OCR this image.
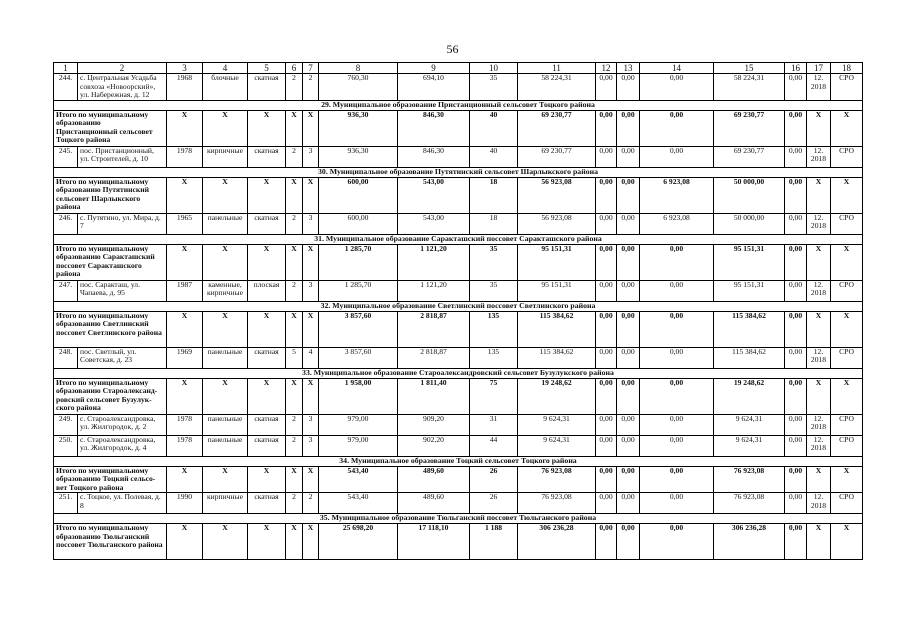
56
1	2	3	4	5	6	7	8	9	10	11	12	13	14	15	16	17	18
244.	с. Центральная Усадьба совхоза «Новоорский», ул. Набережная, д. 12	1968	блочные	скатная	2	2	760,30	694,10	35	58 224,31	0,00	0,00	0,00	58 224,31	0,00	12.
2018	СРО
29. Муниципальное образование Пристанционный сельсовет Тоцкого района																	
Итого по муниципальному образованию Пристанционный сельсовет Тоцкого района		X	X	X	X	X	936,30	846,30	40	69 230,77	0,00	0,00	0,00	69 230,77	0,00	X	X
245.	пос. Пристанционный, ул. Строителей, д. 10	1978	кирпичные	скатная	2	3	936,30	846,30	40	69 230,77	0,00	0,00	0,00	69 230,77	0,00	12.
2018	СРО
30. Муниципальное образование Путятинский сельсовет Шарлыкского района																	
Итого по муниципальному образованию Путятинский сельсовет Шарлыкского района		X	X	X	X	X	600,00	543,00	18	56 923,08	0,00	0,00	6 923,08	50 000,00	0,00	X	X
246.	с. Путятино, ул. Мира, д. 7	1965	панельные	скатная	2	3	600,00	543,00	18	56 923,08	0,00	0,00	6 923,08	50 000,00	0,00	12.
2018	СРО
31. Муниципальное образование Саракташский поссовет Саракташского района																	
Итого по муниципальному образованию Саракташский поссовет Саракташского района		X	X	X	X	X	1 285,70	1 121,20	35	95 151,31	0,00	0,00	0,00	95 151,31	0,00	X	X
247.	пос. Саракташ, ул. Чапаева, д. 95	1987	каменные, кирпичные	плоская	2	3	1 285,70	1 121,20	35	95 151,31	0,00	0,00	0,00	95 151,31	0,00	12.
2018	СРО
32. Муниципальное образование Светлинский поссовет Светлинского района																	
Итого по муниципальному образованию Светлинский поссовет Светлинского района		X	X	X	X	X	3 857,60	2 818,87	135	115 384,62	0,00	0,00	0,00	115 384,62	0,00	X	X
248.	пос. Светлый, ул. Советская, д. 23	1969	панельные	скатная	5	4	3 857,60	2 818,87	135	115 384,62	0,00	0,00	0,00	115 384,62	0,00	12.
2018	СРО
33. Муниципальное образование Староалександровский сельсовет Бузулукского района																	
Итого по муниципальному образованию Староалександ-ровский сельсовет Бузулук-ского района		X	X	X	X	X	1 958,00	1 811,40	75	19 248,62	0,00	0,00	0,00	19 248,62	0,00	X	X
249.	с. Староалександровка, ул. Жилгородок, д. 2	1978	панельные	скатная	2	3	979,00	909,20	31	9 624,31	0,00	0,00	0,00	9 624,31	0,00	12.
2018	СРО
250.	с. Староалександровка, ул. Жилгородок, д. 4	1978	панельные	скатная	2	3	979,00	902,20	44	9 624,31	0,00	0,00	0,00	9 624,31	0,00	12.
2018	СРО
34. Муниципальное образование Тоцкий сельсовет Тоцкого района																	
Итого по муниципальному образованию Тоцкий сельсо-вет Тоцкого района		X	X	X	X	X	543,40	489,60	26	76 923,08	0,00	0,00	0,00	76 923,08	0,00	X	X
251.	с. Тоцкое, ул. Полевая, д. 8	1990	кирпичные	скатная	2	2	543,40	489,60	26	76 923,08	0,00	0,00	0,00	76 923,08	0,00	12.
2018	СРО
35. Муниципальное образование Тюльганский поссовет Тюльганского района																	
Итого по муниципальному образованию Тюльганский поссовет Тюльганского района		X	X	X	X	X	25 698,20	17 118,10	1 188	306 236,28	0,00	0,00	0,00	306 236,28	0,00	X	X
